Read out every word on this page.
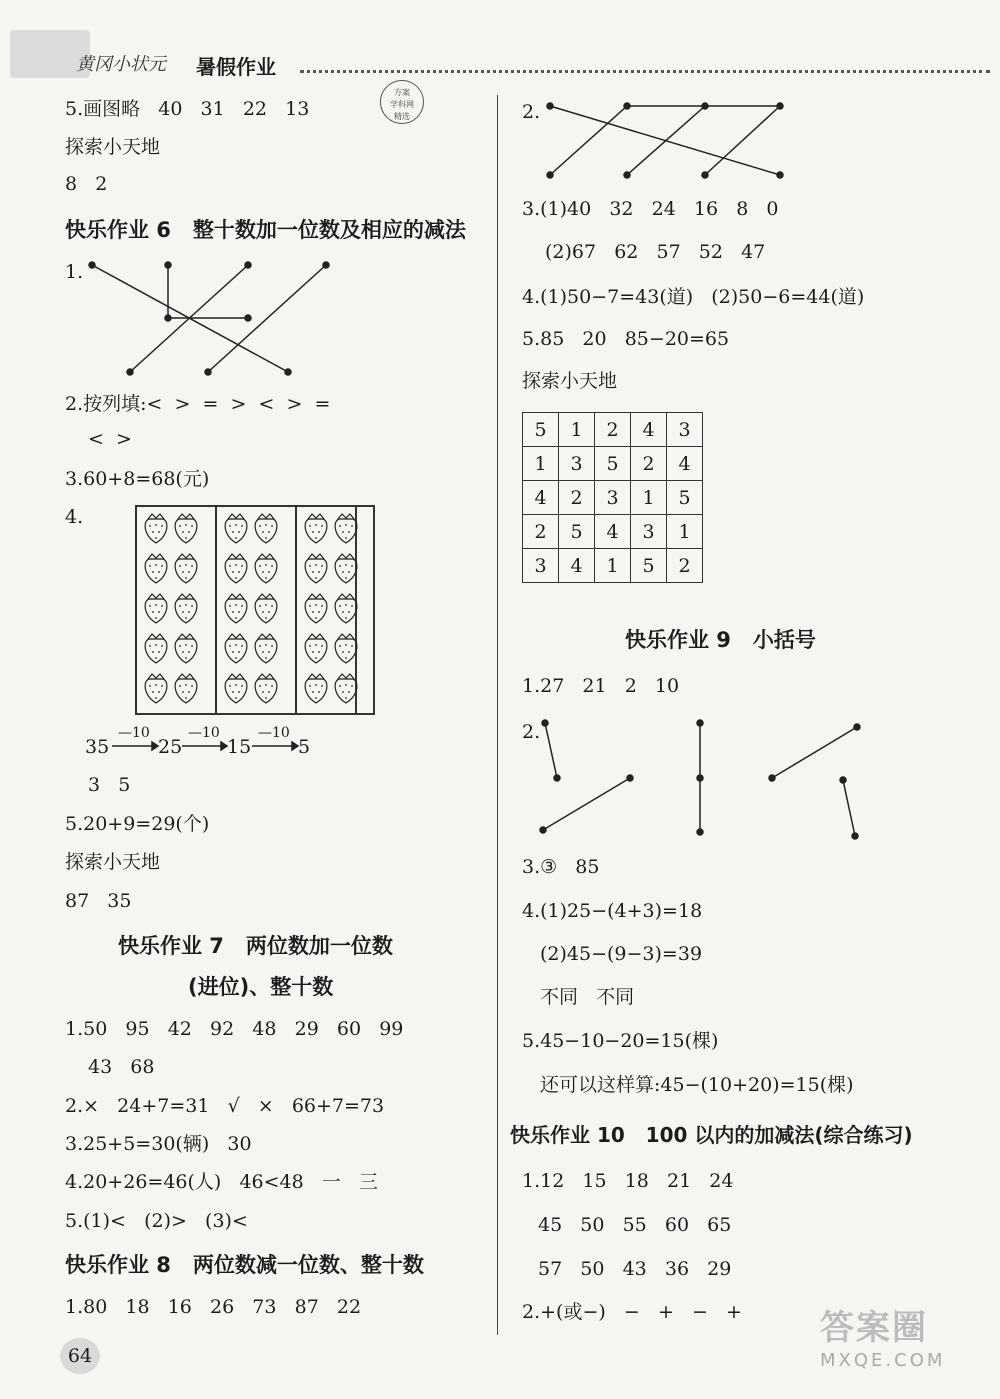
黄冈小状元 暑假作业
方案
学科网
精选
5.画图略   40   31   22   13
探索小天地
8   2
快乐作业 6   整十数加一位数及相应的减法
1.
2.按列填:<  >  =  >  <  >  =
<  >
3.60+8=68(元)
4.
35
—10
25
—10
15
—10
5
3   5
5.20+9=29(个)
探索小天地
87   35
快乐作业 7   两位数加一位数
(进位)、整十数
1.50   95   42   92   48   29   60   99
43   68
2.×   24+7=31   √   ×   66+7=73
3.25+5=30(辆)   30
4.20+26=46(人)   46<48   一   三
5.(1)<   (2)>   (3)<
快乐作业 8   两位数减一位数、整十数
1.80   18   16   26   73   87   22
2.
3.(1)40   32   24   16   8   0
(2)67   62   57   52   47
4.(1)50−7=43(道)   (2)50−6=44(道)
5.85   20   85−20=65
探索小天地
5	1	2	4	3
1	3	5	2	4
4	2	3	1	5
2	5	4	3	1
3	4	1	5	2
快乐作业 9   小括号
1.27   21   2   10
2.
3.③   85
4.(1)25−(4+3)=18
(2)45−(9−3)=39
不同   不同
5.45−10−20=15(棵)
还可以这样算:45−(10+20)=15(棵)
快乐作业 10   100 以内的加减法(综合练习)
1.12   15   18   21   24
45   50   55   60   65
57   50   43   36   29
2.+(或−)   −   +   −   +
64
答案圈
MXQE.COM
